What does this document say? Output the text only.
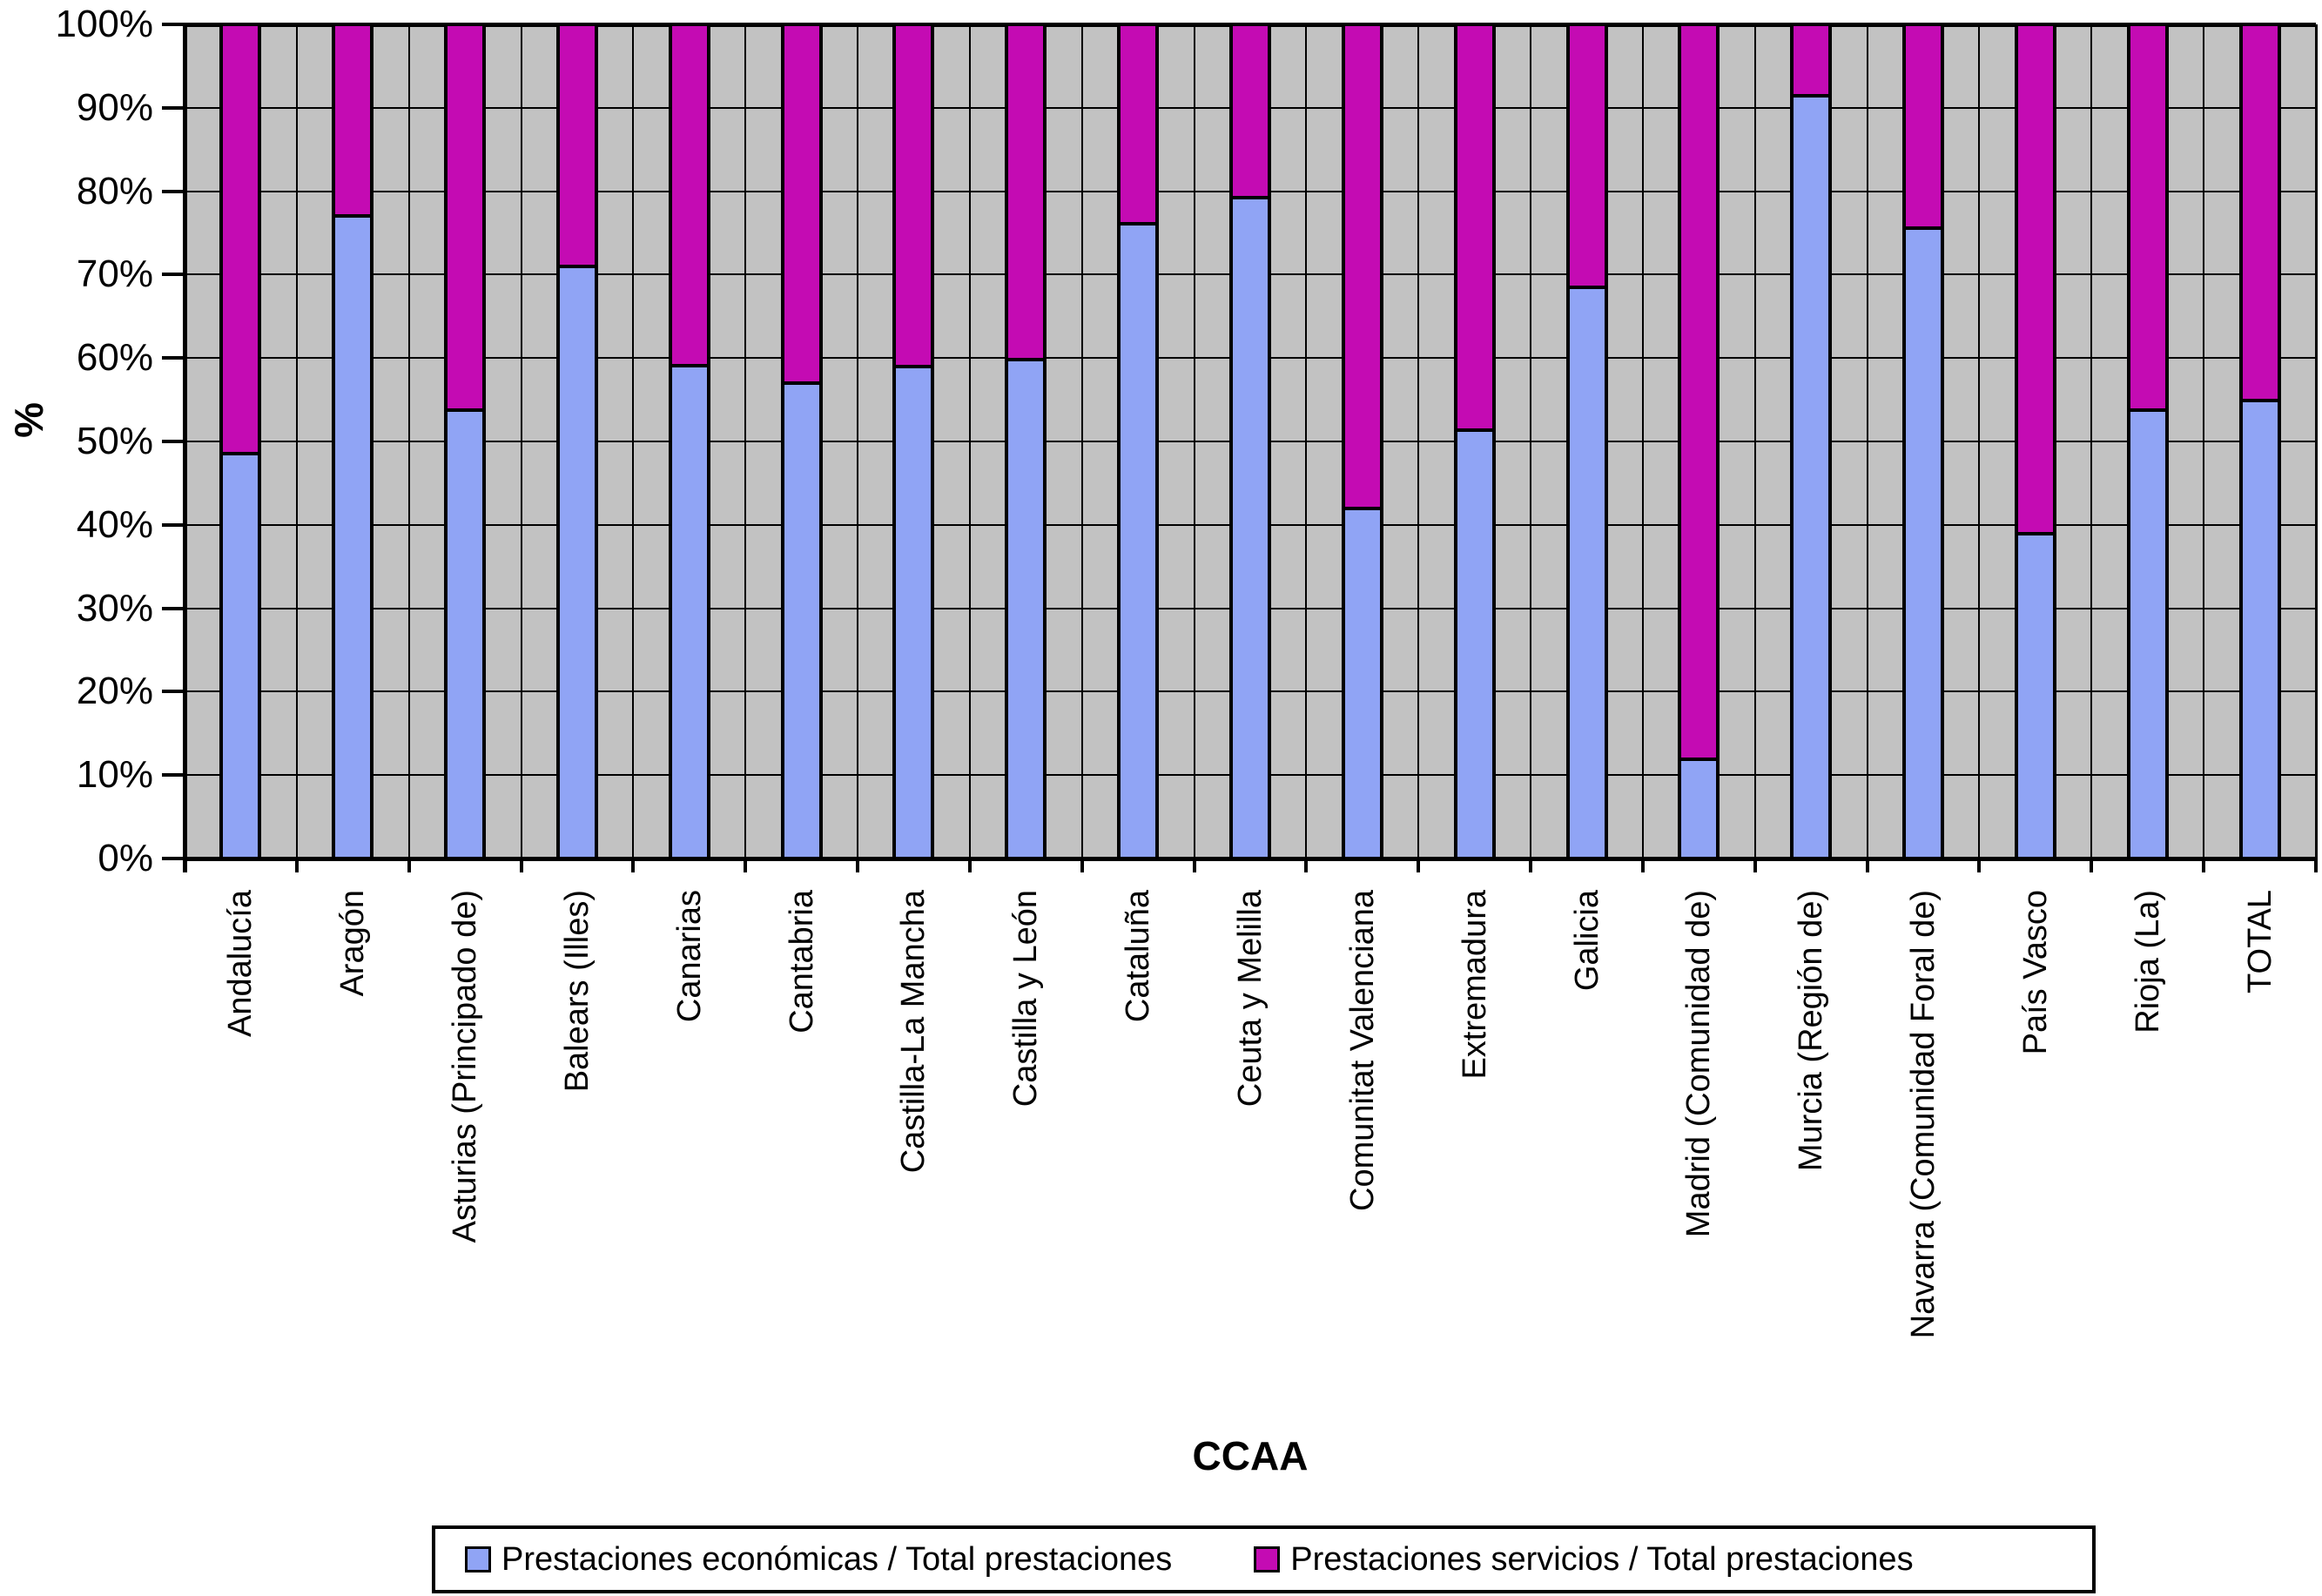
%
CCAA
Prestaciones económicas / Total prestaciones	Prestaciones servicios / Total prestaciones
100%
90%
80%
70%
60%
50%
40%
30%
20%
10%
0%
Andalucía Aragón Asturias (Principado de) Balears (Illes) Canarias Cantabria Castilla-La Mancha Castilla y León Cataluña Ceuta y Melilla Comunitat Valenciana Extremadura Galicia Madrid (Comunidad de) Murcia (Región de) Navarra (Comunidad Foral de) País Vasco Rioja (La) TOTAL
